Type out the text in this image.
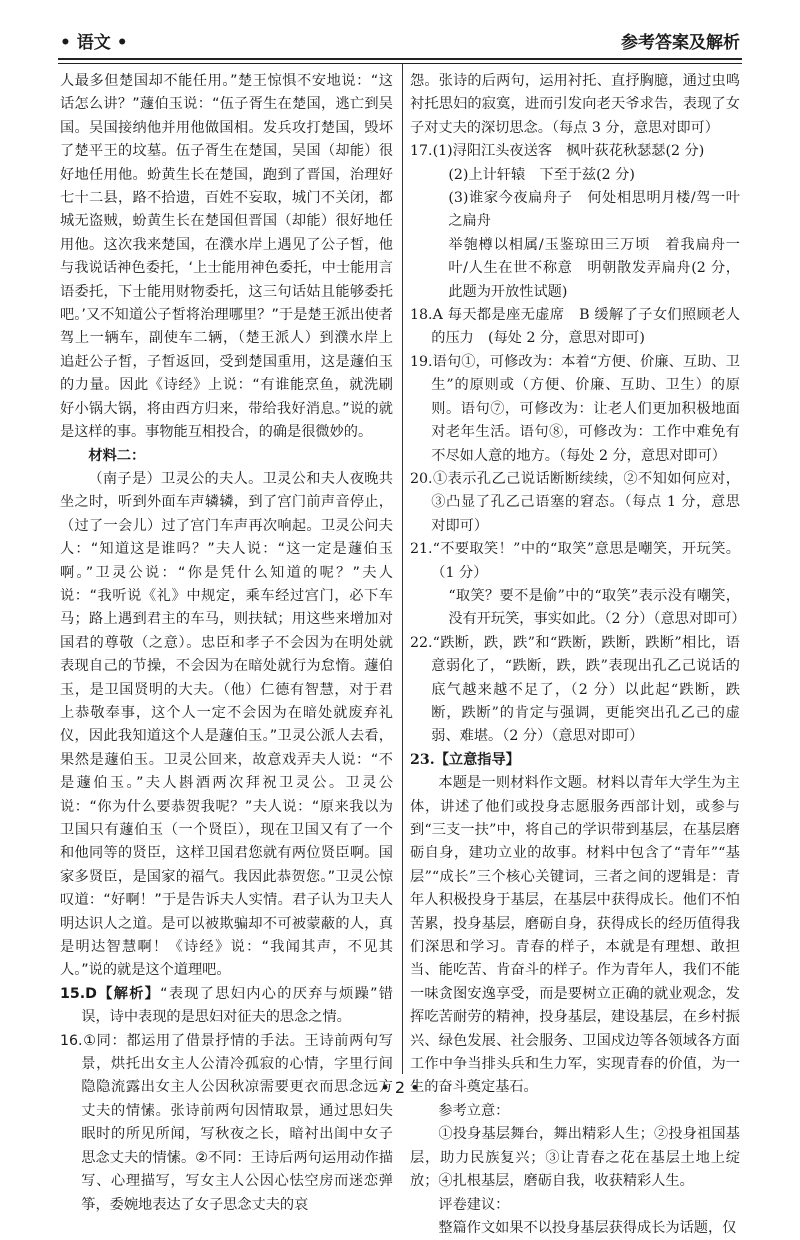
• 语文 •	参考答案及解析

人最多但楚国却不能任用。”楚王惊惧不安地说：“这话怎么讲？”蘧伯玉说：“伍子胥生在楚国，逃亡到吴国。吴国接纳他并用他做国相。发兵攻打楚国，毁坏了楚平王的坟墓。伍子胥生在楚国，吴国（却能）很好地任用他。蚡黄生长在楚国，跑到了晋国，治理好七十二县，路不拾遗，百姓不妄取，城门不关闭，都城无盗贼，蚡黄生长在楚国但晋国（却能）很好地任用他。这次我来楚国，在濮水岸上遇见了公子皙，他与我说话神色委托，‘上士能用神色委托，中士能用言语委托，下士能用财物委托，这三句话姑且能够委托吧。’又不知道公子皙将治理哪里？”于是楚王派出使者驾上一辆车，副使车二辆，（楚王派人）到濮水岸上追赶公子皙，子皙返回，受到楚国重用，这是蘧伯玉的力量。因此《诗经》上说：“有谁能烹鱼，就洗刷好小锅大锅，将由西方归来，带给我好消息。”说的就是这样的事。事物能互相投合，的确是很微妙的。

材料二：

（南子是）卫灵公的夫人。卫灵公和夫人夜晚共坐之时，听到外面车声辚辚，到了宫门前声音停止，（过了一会儿）过了宫门车声再次响起。卫灵公问夫人：“知道这是谁吗？”夫人说：“这一定是蘧伯玉啊。”卫灵公说：“你是凭什么知道的呢？”夫人说：“我听说《礼》中规定，乘车经过宫门，必下车马；路上遇到君主的车马，则扶轼；用这些来增加对国君的尊敬（之意）。忠臣和孝子不会因为在明处就表现自己的节操，不会因为在暗处就行为怠惰。蘧伯玉，是卫国贤明的大夫。（他）仁德有智慧，对于君上恭敬奉事，这个人一定不会因为在暗处就废弃礼仪，因此我知道这个人是蘧伯玉。”卫灵公派人去看，果然是蘧伯玉。卫灵公回来，故意戏弄夫人说：“不是蘧伯玉。”夫人斟酒两次拜祝卫灵公。卫灵公说：“你为什么要恭贺我呢？”夫人说：“原来我以为卫国只有蘧伯玉（一个贤臣），现在卫国又有了一个和他同等的贤臣，这样卫国君您就有两位贤臣啊。国家多贤臣，是国家的福气。我因此恭贺您。”卫灵公惊叹道：“好啊！”于是告诉夫人实情。君子认为卫夫人明达识人之道。是可以被欺骗却不可被蒙蔽的人，真是明达智慧啊！《诗经》说：“我闻其声，不见其人。”说的就是这个道理吧。

15.D【解析】“表现了思妇内心的厌弃与烦躁”错误，诗中表现的是思妇对征夫的思念之情。

16.①同：都运用了借景抒情的手法。王诗前两句写景，烘托出女主人公清冷孤寂的心情，字里行间隐隐流露出女主人公因秋凉需要更衣而思念远方丈夫的情愫。张诗前两句因情取景，通过思妇失眠时的所见所闻，写秋夜之长，暗衬出闺中女子思念丈夫的情愫。②不同：王诗后两句运用动作描写、心理描写，写女主人公因心怯空房而迷恋弹筝，委婉地表达了女子思念丈夫的哀

怨。张诗的后两句，运用衬托、直抒胸臆，通过虫鸣衬托思妇的寂寞，进而引发向老天爷求告，表现了女子对丈夫的深切思念。（每点 3 分，意思对即可）

17.(1)浔阳江头夜送客　枫叶荻花秋瑟瑟(2 分)

(2)上计轩辕　下至于兹(2 分)

(3)谁家今夜扁舟子　何处相思明月楼/驾一叶之扁舟

举匏樽以相属/玉鉴琼田三万顷　着我扁舟一叶/人生在世不称意　明朝散发弄扁舟(2 分，此题为开放性试题)

18.A 每天都是座无虚席　B 缓解了子女们照顾老人的压力　(每处 2 分，意思对即可)

19.语句①，可修改为：本着“方便、价廉、互助、卫生”的原则或（方便、价廉、互助、卫生）的原则。语句⑦，可修改为：让老人们更加积极地面对老年生活。语句⑧，可修改为：工作中难免有不尽如人意的地方。（每处 2 分，意思对即可）

20.①表示孔乙己说话断断续续，②不知如何应对，③凸显了孔乙己语塞的窘态。（每点 1 分，意思对即可）

21.“不要取笑！”中的“取笑”意思是嘲笑，开玩笑。（1 分）

“取笑？要不是偷”中的“取笑”表示没有嘲笑，没有开玩笑，事实如此。（2 分）（意思对即可）

22.“跌断，跌，跌”和“跌断，跌断，跌断”相比，语意弱化了，“跌断，跌，跌”表现出孔乙己说话的底气越来越不足了，（2 分）以此起“跌断，跌断，跌断”的肯定与强调，更能突出孔乙己的虚弱、难堪。（2 分）（意思对即可）

23.【立意指导】

本题是一则材料作文题。材料以青年大学生为主体，讲述了他们或投身志愿服务西部计划，或参与到“三支一扶”中，将自己的学识带到基层，在基层磨砺自身，建功立业的故事。材料中包含了“青年”“基层”“成长”三个核心关键词，三者之间的逻辑是：青年人积极投身于基层，在基层中获得成长。他们不怕苦累，投身基层，磨砺自身，获得成长的经历值得我们深思和学习。青春的样子，本就是有理想、敢担当、能吃苦、肯奋斗的样子。作为青年人，我们不能一味贪图安逸享受，而是要树立正确的就业观念，发挥吃苦耐劳的精神，投身基层，建设基层，在乡村振兴、绿色发展、社会服务、卫国戍边等各领域各方面工作中争当排头兵和生力军，实现青春的价值，为一生的奋斗奠定基石。

参考立意：

①投身基层舞台，舞出精彩人生；②投身祖国基层，助力民族复兴；③让青春之花在基层土地上绽放；④扎根基层，磨砺自我，收获精彩人生。

评卷建议：

整篇作文如果不以投身基层获得成长为话题，仅

• 2 •
